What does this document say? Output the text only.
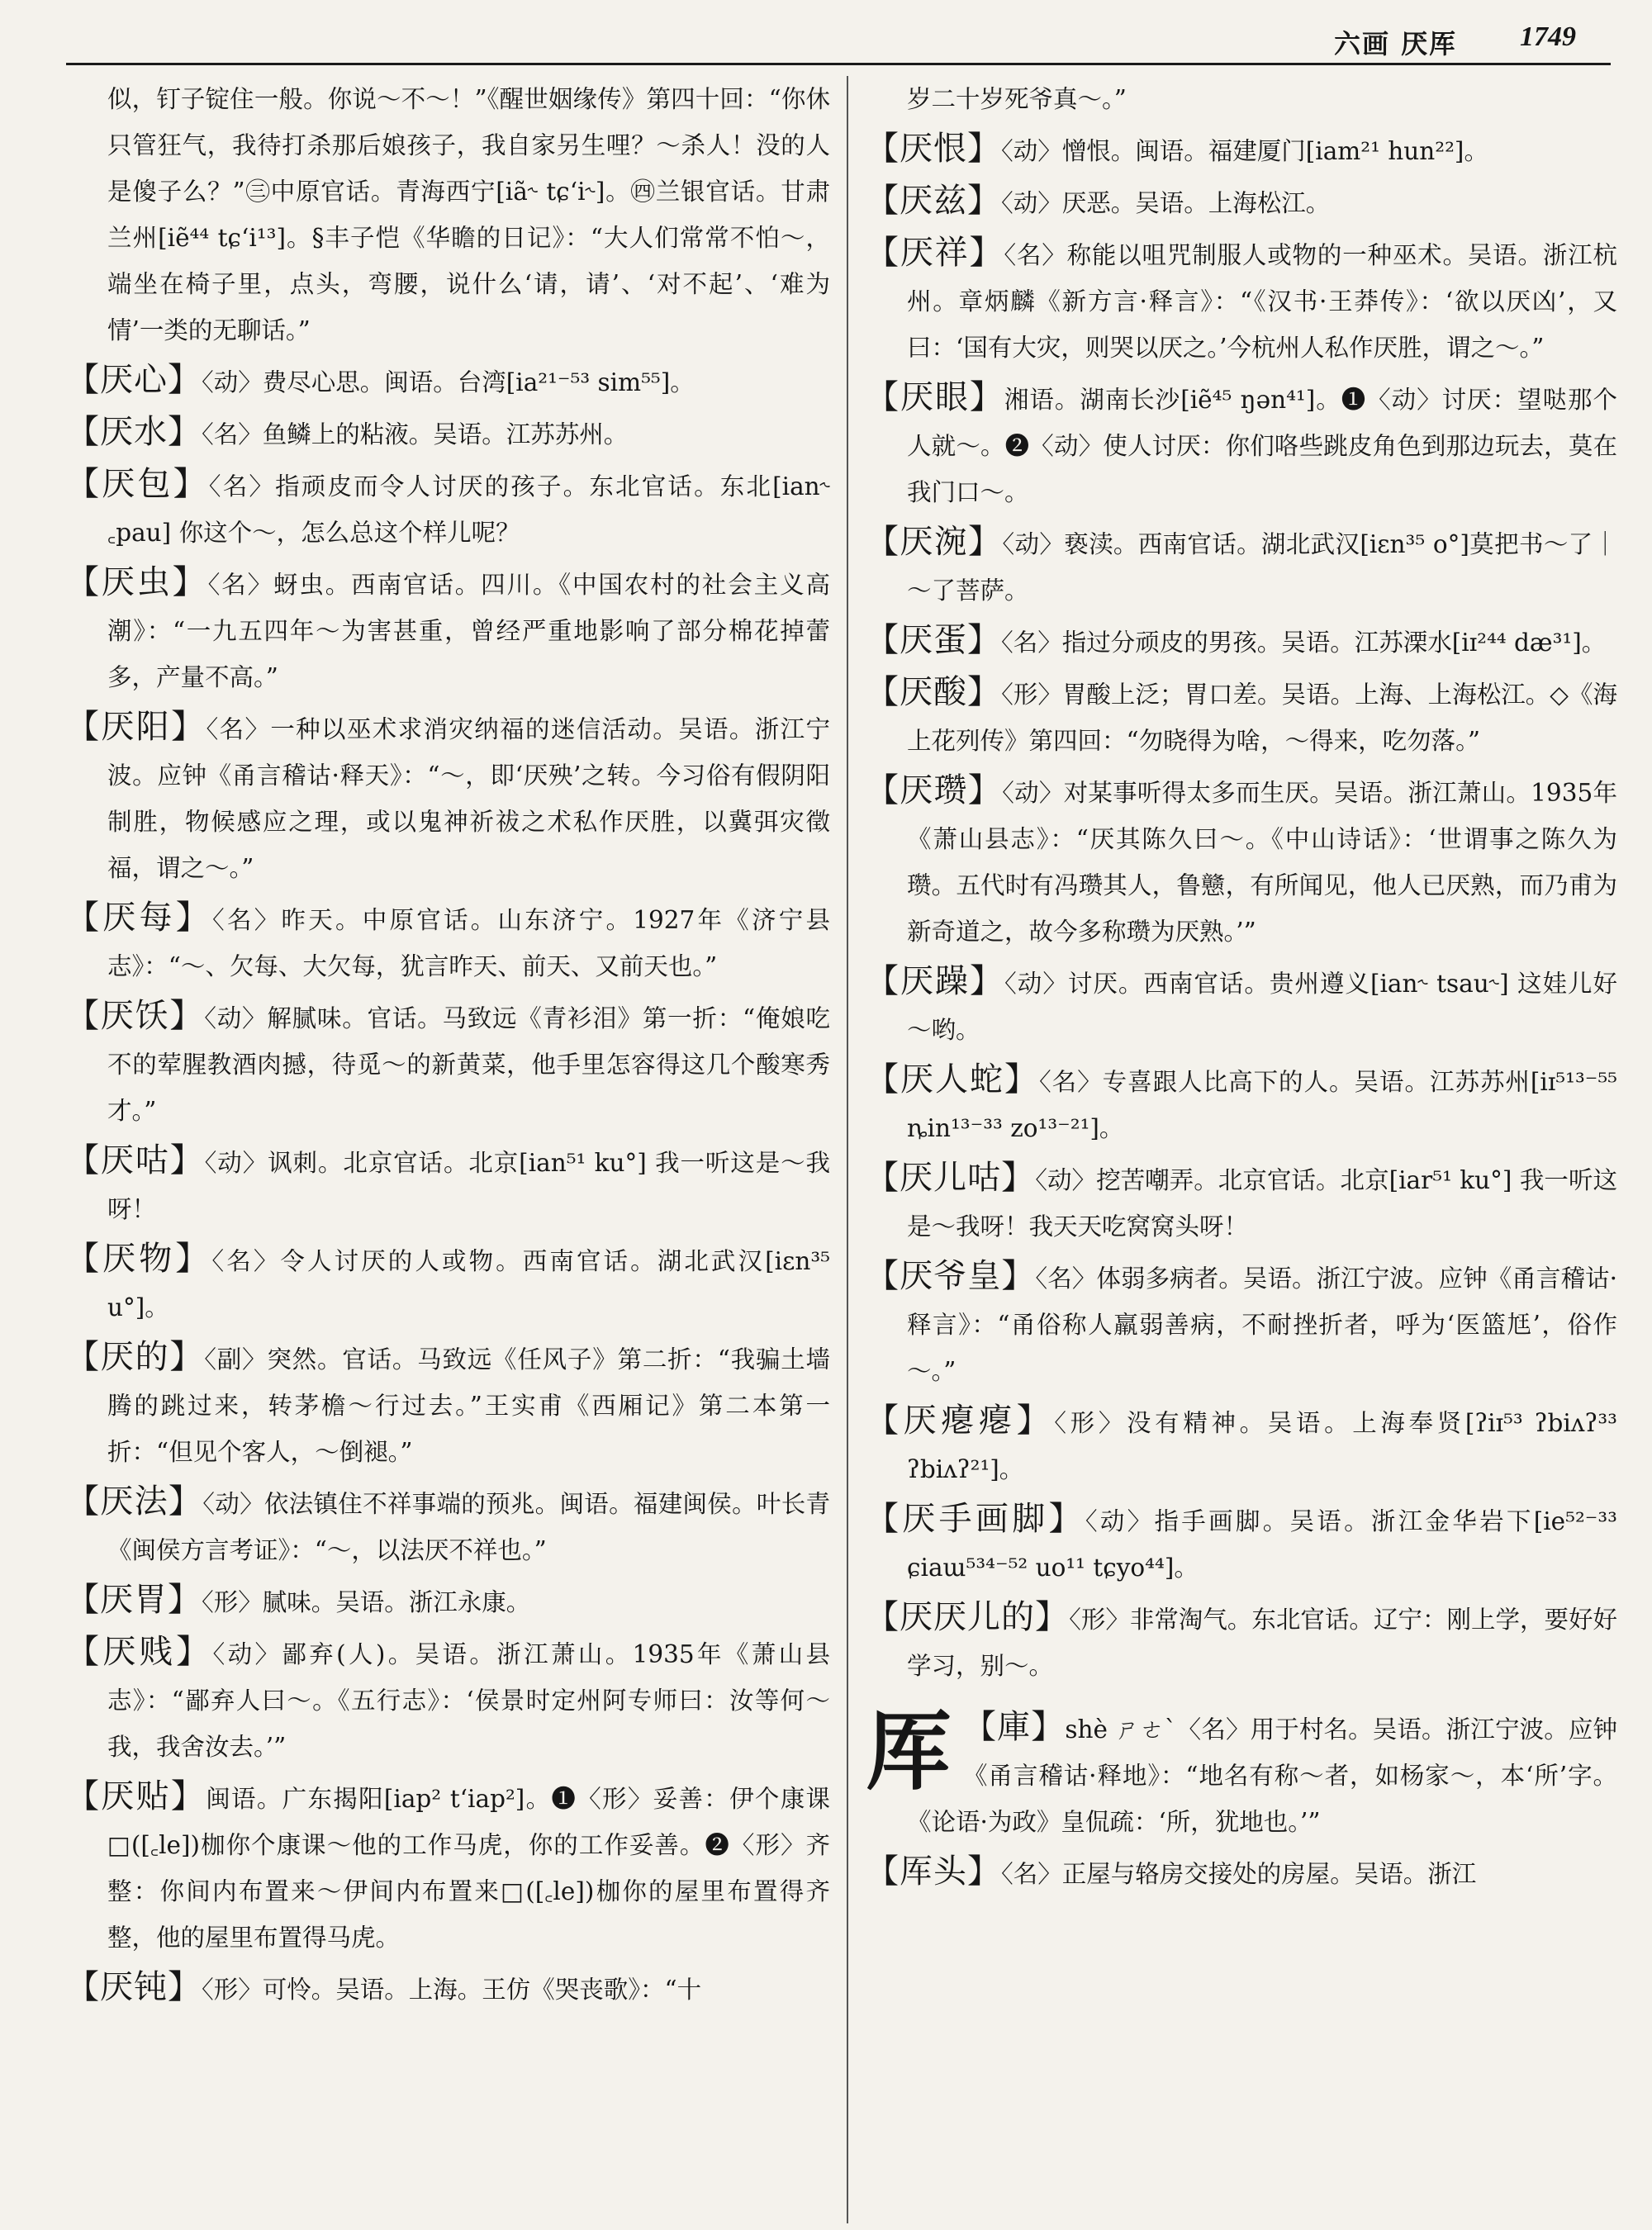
六画 厌厍 1749

似，钉子锭住一般。你说～不～！”《醒世姻缘传》第四十回：“你休只管狂气，我待打杀那后娘孩子，我自家另生哩？～杀人！没的人是傻子么？”㊂中原官话。青海西宁[iã˞ tɕʻi˞]。㊃兰银官话。甘肃兰州[iẽ⁴⁴ tɕʻi¹³]。§丰子恺《华瞻的日记》：“大人们常常不怕～，端坐在椅子里，点头，弯腰，说什么‘请，请’、‘对不起’、‘难为情’一类的无聊话。”

【厌心】〈动〉费尽心思。闽语。台湾[ia²¹⁻⁵³ sim⁵⁵]。

【厌水】〈名〉鱼鳞上的粘液。吴语。江苏苏州。

【厌包】〈名〉指顽皮而令人讨厌的孩子。东北官话。东北[ian˞ ꜀pau] 你这个～，怎么总这个样儿呢？

【厌虫】〈名〉蚜虫。西南官话。四川。《中国农村的社会主义高潮》：“一九五四年～为害甚重，曾经严重地影响了部分棉花掉蕾多，产量不高。”

【厌阳】〈名〉一种以巫术求消灾纳福的迷信活动。吴语。浙江宁波。应钟《甬言稽诂·释天》：“～，即‘厌殃’之转。今习俗有假阴阳制胜，物候感应之理，或以鬼神祈祓之术私作厌胜，以冀弭灾徵福，谓之～。”

【厌每】〈名〉昨天。中原官话。山东济宁。1927年《济宁县志》：“～、欠每、大欠每，犹言昨天、前天、又前天也。”

【厌饫】〈动〉解腻味。官话。马致远《青衫泪》第一折：“俺娘吃不的荤腥教酒肉撼，待觅～的新黄菜，他手里怎容得这几个酸寒秀才。”

【厌咕】〈动〉讽刺。北京官话。北京[ian⁵¹ ku°] 我一听这是～我呀！

【厌物】〈名〉令人讨厌的人或物。西南官话。湖北武汉[iɛn³⁵ u°]。

【厌的】〈副〉突然。官话。马致远《任风子》第二折：“我骗土墙腾的跳过来，转茅檐～行过去。”王实甫《西厢记》第二本第一折：“但见个客人，～倒褪。”

【厌法】〈动〉依法镇住不祥事端的预兆。闽语。福建闽侯。叶长青《闽侯方言考证》：“～，以法厌不祥也。”

【厌胃】〈形〉腻味。吴语。浙江永康。

【厌贱】〈动〉鄙弃(人)。吴语。浙江萧山。1935年《萧山县志》：“鄙弃人曰～。《五行志》：‘侯景时定州阿专师曰：汝等何～我，我舍汝去。’”

【厌贴】闽语。广东揭阳[iap² tʻiap²]。❶〈形〉妥善：伊个康课□([꜀le])枷你个康课～他的工作马虎，你的工作妥善。❷〈形〉齐整：你间内布置来～伊间内布置来□([꜀le])枷你的屋里布置得齐整，他的屋里布置得马虎。

【厌钝】〈形〉可怜。吴语。上海。王仿《哭丧歌》：“十

岁二十岁死爷真～。”

【厌恨】〈动〉憎恨。闽语。福建厦门[iam²¹ hun²²]。

【厌兹】〈动〉厌恶。吴语。上海松江。

【厌祥】〈名〉称能以咀咒制服人或物的一种巫术。吴语。浙江杭州。章炳麟《新方言·释言》：“《汉书·王莽传》：‘欲以厌凶’，又曰：‘国有大灾，则哭以厌之。’今杭州人私作厌胜，谓之～。”

【厌眼】湘语。湖南长沙[iẽ⁴⁵ ŋən⁴¹]。❶〈动〉讨厌：望哒那个人就～。❷〈动〉使人讨厌：你们咯些跳皮角色到那边玩去，莫在我门口～。

【厌涴】〈动〉亵渎。西南官话。湖北武汉[iɛn³⁵ o°]莫把书～了｜～了菩萨。

【厌蛋】〈名〉指过分顽皮的男孩。吴语。江苏溧水[iɪ²⁴⁴ dæ³¹]。

【厌酸】〈形〉胃酸上泛；胃口差。吴语。上海、上海松江。◇《海上花列传》第四回：“勿晓得为啥，～得来，吃勿落。”

【厌瓒】〈动〉对某事听得太多而生厌。吴语。浙江萧山。1935年《萧山县志》：“厌其陈久曰～。《中山诗话》：‘世谓事之陈久为瓒。五代时有冯瓒其人，鲁戆，有所闻见，他人已厌熟，而乃甫为新奇道之，故今多称瓒为厌熟。’”

【厌躁】〈动〉讨厌。西南官话。贵州遵义[ian˞ tsau˞] 这娃儿好～哟。

【厌人蛇】〈名〉专喜跟人比高下的人。吴语。江苏苏州[iɪ⁵¹³⁻⁵⁵ ȵin¹³⁻³³ zo¹³⁻²¹]。

【厌儿咕】〈动〉挖苦嘲弄。北京官话。北京[iar⁵¹ ku°] 我一听这是～我呀！我天天吃窝窝头呀！

【厌爷皇】〈名〉体弱多病者。吴语。浙江宁波。应钟《甬言稽诂·释言》：“甬俗称人羸弱善病，不耐挫折者，呼为‘医篮尪’，俗作～。”

【厌瘪瘪】〈形〉没有精神。吴语。上海奉贤[ʔiɪ⁵³ ʔbiʌʔ³³ ʔbiʌʔ²¹]。

【厌手画脚】〈动〉指手画脚。吴语。浙江金华岩下[ie⁵²⁻³³ ɕiaɯ⁵³⁴⁻⁵² uo¹¹ tɕyo⁴⁴]。

【厌厌儿的】〈形〉非常淘气。东北官话。辽宁：刚上学，要好好学习，别～。

厍 【庫】shè ㄕㄜˋ〈名〉用于村名。吴语。浙江宁波。应钟《甬言稽诂·释地》：“地名有称～者，如杨家～，本‘所’字。《论语·为政》皇侃疏：‘所，犹地也。’”

【厍头】〈名〉正屋与辂房交接处的房屋。吴语。浙江
